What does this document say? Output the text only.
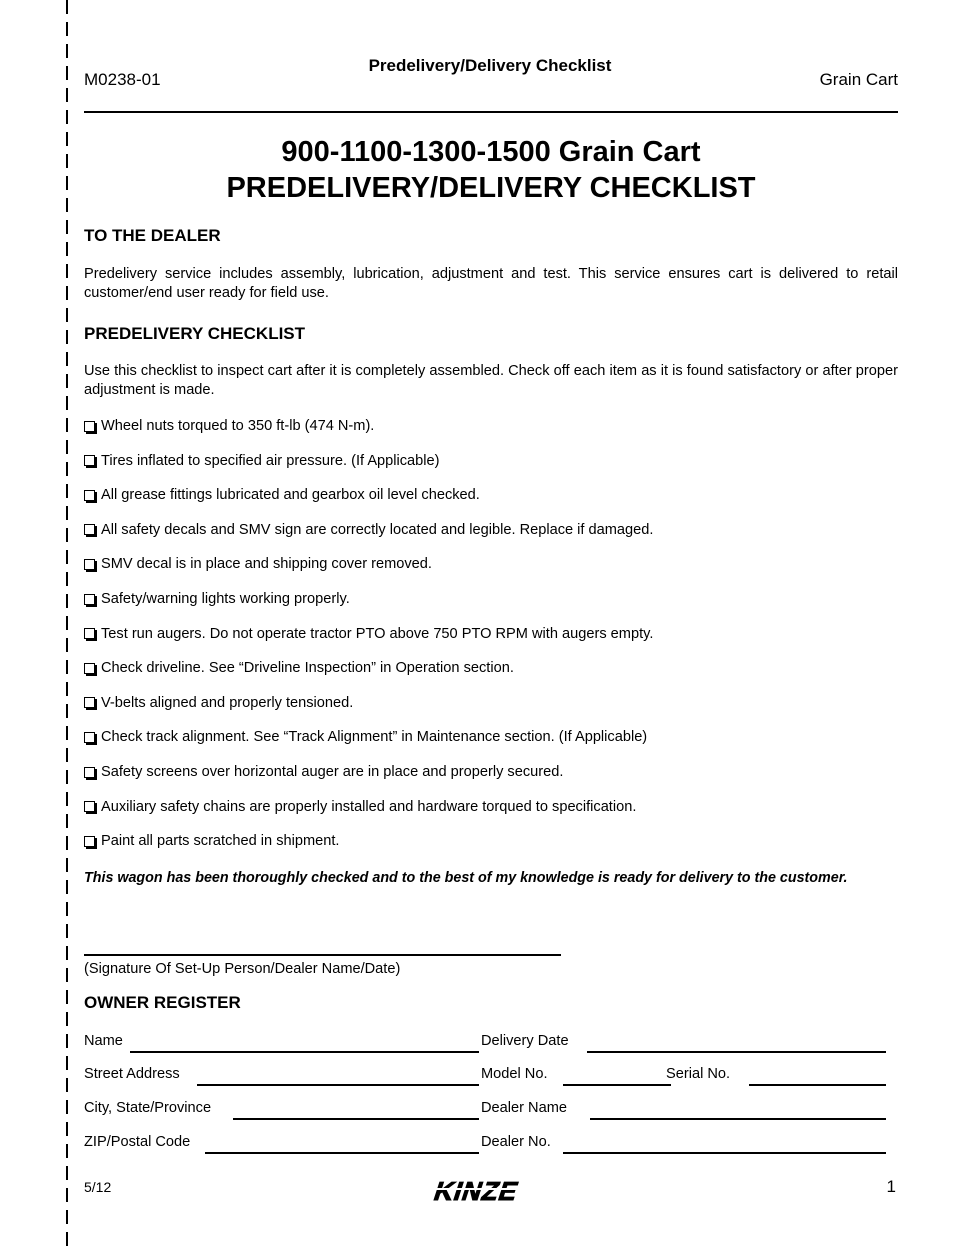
M0238-01
Predelivery/Delivery Checklist
Grain Cart
900-1100-1300-1500 Grain Cart
PREDELIVERY/DELIVERY CHECKLIST
TO THE DEALER
Predelivery service includes assembly, lubrication, adjustment and test. This service ensures cart is delivered to retail customer/end user ready for field use.
PREDELIVERY CHECKLIST
Use this checklist to inspect cart after it is completely assembled. Check off each item as it is found satisfactory or after proper adjustment is made.
Wheel nuts torqued to 350 ft-lb (474 N-m).
Tires inflated to specified air pressure. (If Applicable)
All grease fittings lubricated and gearbox oil level checked.
All safety decals and SMV sign are correctly located and legible. Replace if damaged.
SMV decal is in place and shipping cover removed.
Safety/warning lights working properly.
Test run augers. Do not operate tractor PTO above 750 PTO RPM with augers empty.
Check driveline. See “Driveline Inspection” in Operation section.
V-belts aligned and properly tensioned.
Check track alignment. See “Track Alignment” in Maintenance section. (If Applicable)
Safety screens over horizontal auger are in place and properly secured.
Auxiliary safety chains are properly installed and hardware torqued to specification.
Paint all parts scratched in shipment.
This wagon has been thoroughly checked and to the best of my knowledge is ready for delivery to the customer.
(Signature Of Set-Up Person/Dealer Name/Date)
OWNER REGISTER
Name	Delivery Date
Street Address	Model No.	Serial No.
City, State/Province	Dealer Name
ZIP/Postal Code	Dealer No.
5/12	KINZE	1
